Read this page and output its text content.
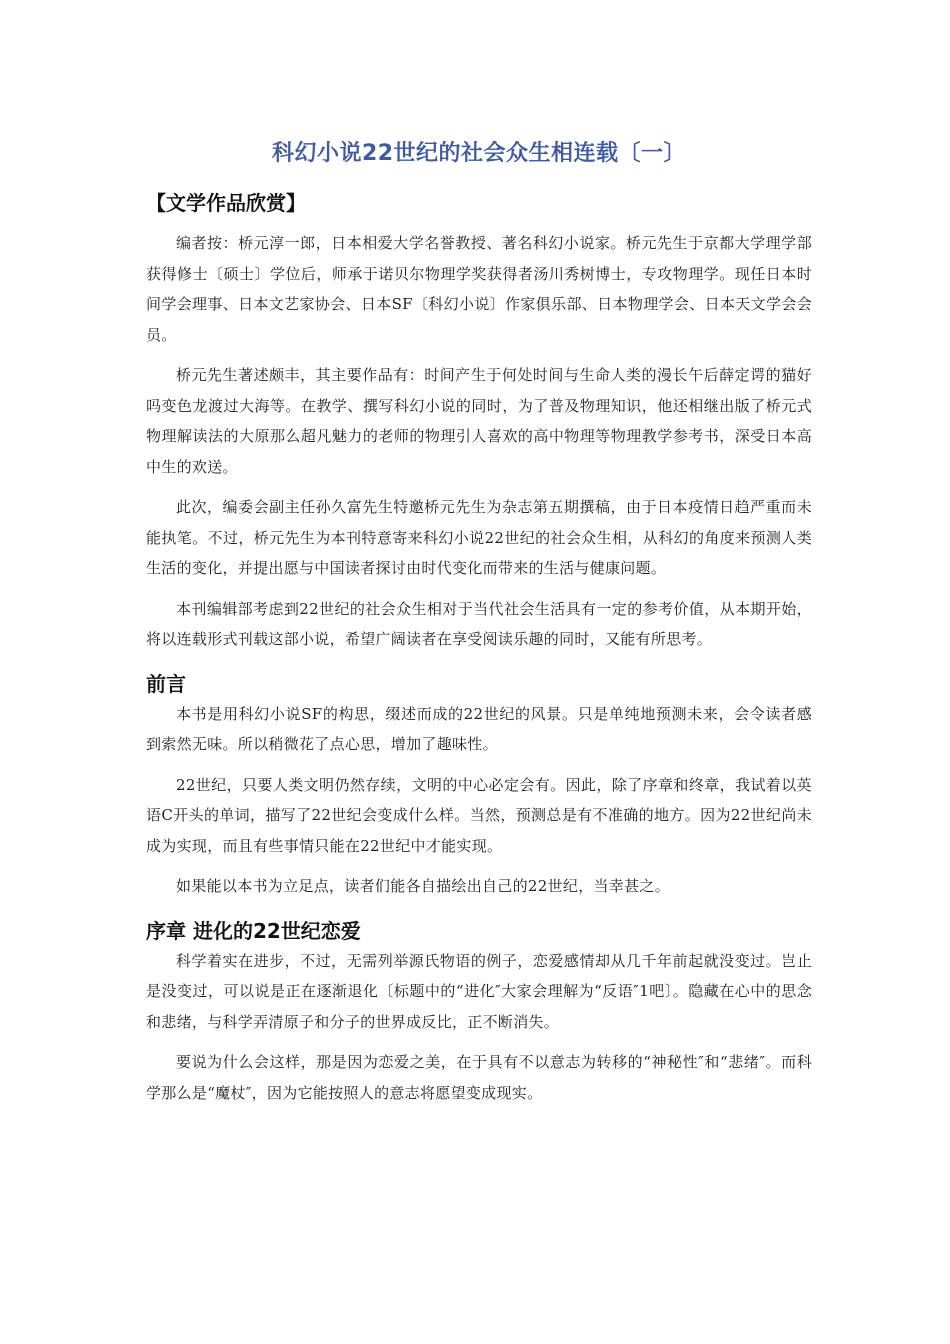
科幻小说22世纪的社会众生相连载〔一〕
【文学作品欣赏】

编者按：桥元淳一郎，日本相爱大学名誉教授、著名科幻小说家。桥元先生于京都大学理学部获得修士〔硕士〕学位后，师承于诺贝尔物理学奖获得者汤川秀树博士，专攻物理学。现任日本时间学会理事、日本文艺家协会、日本SF〔科幻小说〕作家俱乐部、日本物理学会、日本天文学会会员。

桥元先生著述颇丰，其主要作品有：时间产生于何处时间与生命人类的漫长午后薛定谔的猫好吗变色龙渡过大海等。在教学、撰写科幻小说的同时，为了普及物理知识，他还相继出版了桥元式物理解读法的大原那么超凡魅力的老师的物理引人喜欢的高中物理等物理教学参考书，深受日本高中生的欢送。

此次，编委会副主任孙久富先生特邀桥元先生为杂志第五期撰稿，由于日本疫情日趋严重而未能执笔。不过，桥元先生为本刊特意寄来科幻小说22世纪的社会众生相，从科幻的角度来预测人类生活的变化，并提出愿与中国读者探讨由时代变化而带来的生活与健康问题。

本刊编辑部考虑到22世纪的社会众生相对于当代社会生活具有一定的参考价值，从本期开始，将以连载形式刊载这部小说，希望广阔读者在享受阅读乐趣的同时，又能有所思考。

前言

本书是用科幻小说SF的构思，缀述而成的22世纪的风景。只是单纯地预测未来，会令读者感到索然无味。所以稍微花了点心思，增加了趣味性。

22世纪，只要人类文明仍然存续，文明的中心必定会有。因此，除了序章和终章，我试着以英语C开头的单词，描写了22世纪会变成什么样。当然，预测总是有不准确的地方。因为22世纪尚未成为实现，而且有些事情只能在22世纪中才能实现。

如果能以本书为立足点，读者们能各自描绘出自己的22世纪，当幸甚之。

序章 进化的22世纪恋爱

科学着实在进步，不过，无需列举源氏物语的例子，恋爱感情却从几千年前起就没变过。岂止是没变过，可以说是正在逐渐退化〔标题中的“进化″大家会理解为“反语″1吧〕。隐藏在心中的思念和悲绪，与科学弄清原子和分子的世界成反比，正不断消失。

要说为什么会这样，那是因为恋爱之美，在于具有不以意志为转移的“神秘性″和“悲绪″。而科学那么是“魔杖″，因为它能按照人的意志将愿望变成现实。
